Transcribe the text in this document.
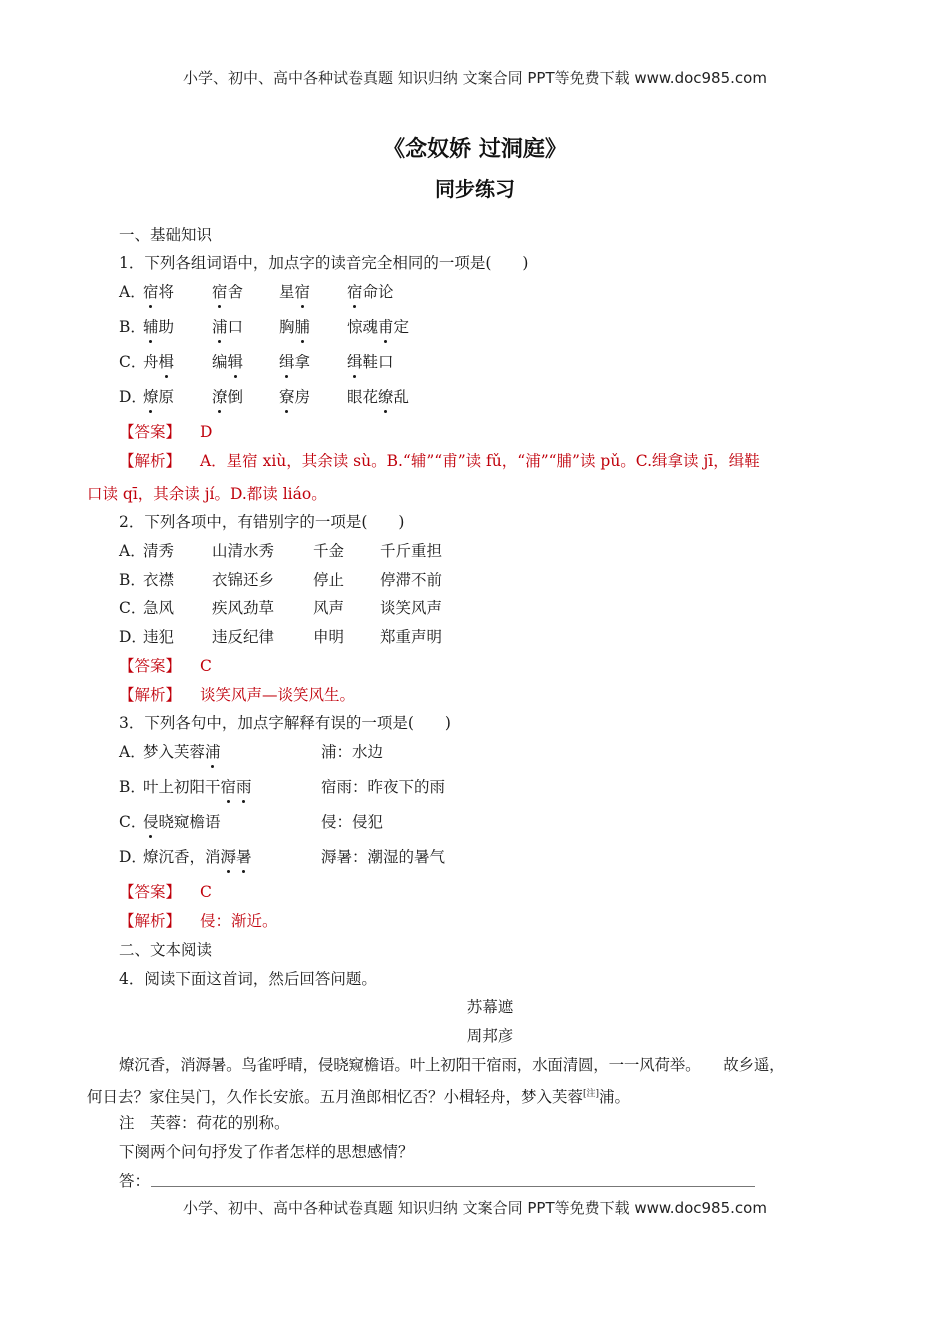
小学、初中、高中各种试卷真题 知识归纳 文案合同 PPT等免费下载 www.doc985.com
《念奴娇 过洞庭》
同步练习
一、基础知识
1．下列各组词语中，加点字的读音完全相同的一项是(　　)
A．
宿将 宿舍 星宿 宿命论
B．
辅助 浦口 胸脯 惊魂甫定
C．
舟楫 编辑 缉拿 缉鞋口
D．
燎原 潦倒 寮房 眼花缭乱
【答案】 D
【解析】 A．星宿 xiù，其余读 sù。B.“辅”“甫”读 fǔ，“浦”“脯”读 pǔ。C.缉拿读 jī，缉鞋
口读 qī，其余读 jí。D.都读 liáo。
2．下列各项中，有错别字的一项是(　　)
A．
清秀 山清水秀	千金 千斤重担
B．
衣襟 衣锦还乡	停止 停滞不前
C．
急风 疾风劲草	风声 谈笑风声
D．
违犯 违反纪律	申明 郑重声明
【答案】 C
【解析】 谈笑风声—谈笑风生。
3．下列各句中，加点字解释有误的一项是(　　)
A．
梦入芙蓉浦	浦：水边
B．
叶上初阳干宿雨	宿雨：昨夜下的雨
C．
侵晓窥檐语	侵：侵犯
D．
燎沉香，消溽暑	溽暑：潮湿的暑气
【答案】 C
【解析】 侵：渐近。
二、文本阅读
4．阅读下面这首词，然后回答问题。
苏幕遮
周邦彦
燎沉香，消溽暑。鸟雀呼晴，侵晓窥檐语。叶上初阳干宿雨，水面清圆，一一风荷举。　　故乡遥，
何日去？家住吴门，久作长安旅。五月渔郎相忆否？小楫轻舟，梦入芙蓉[注]浦。
注　芙蓉：荷花的别称。
下阕两个问句抒发了作者怎样的思想感情？
答：
小学、初中、高中各种试卷真题 知识归纳 文案合同 PPT等免费下载 www.doc985.com
